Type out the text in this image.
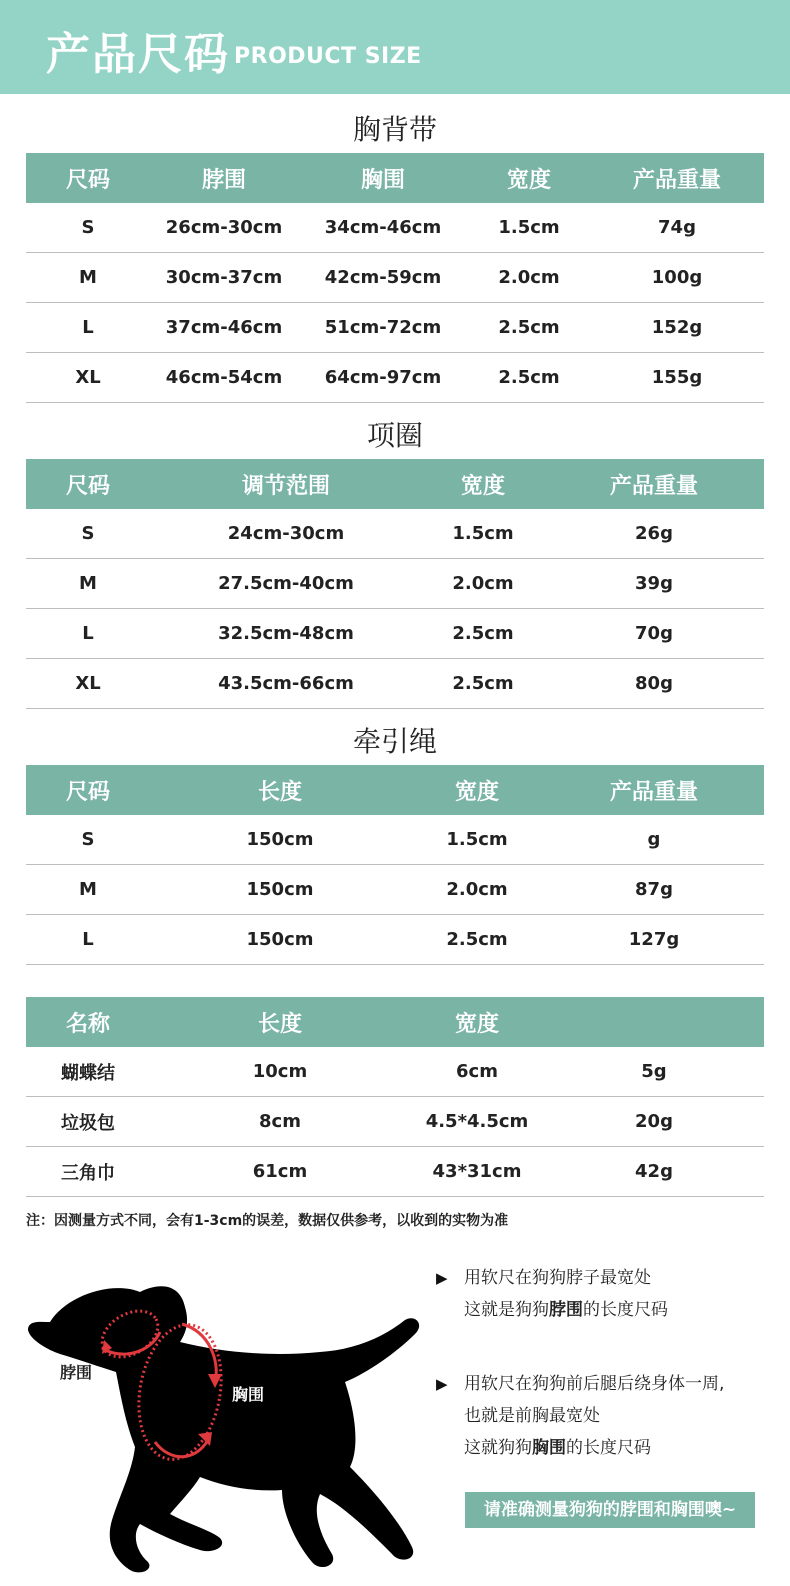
产品尺码 PRODUCT SIZE
胸背带
尺码	脖围	胸围	宽度	产品重量
S	26cm-30cm	34cm-46cm	1.5cm	74g
M	30cm-37cm	42cm-59cm	2.0cm	100g
L	37cm-46cm	51cm-72cm	2.5cm	152g
XL	46cm-54cm	64cm-97cm	2.5cm	155g
项圈
尺码	调节范围	宽度	产品重量
S	24cm-30cm	1.5cm	26g
M	27.5cm-40cm	2.0cm	39g
L	32.5cm-48cm	2.5cm	70g
XL	43.5cm-66cm	2.5cm	80g
牵引绳
尺码	长度	宽度	产品重量
S	150cm	1.5cm	g
M	150cm	2.0cm	87g
L	150cm	2.5cm	127g
名称	长度	宽度
蝴蝶结	10cm	6cm	5g
垃圾包	8cm	4.5*4.5cm	20g
三角巾	61cm	43*31cm	42g
注：因测量方式不同，会有1-3cm的误差，数据仅供参考，以收到的实物为准
脖围
胸围
▶ 用软尺在狗狗脖子最宽处
这就是狗狗脖围的长度尺码
▶ 用软尺在狗狗前后腿后绕身体一周,
也就是前胸最宽处
这就狗狗胸围的长度尺码
请准确测量狗狗的脖围和胸围噢~
